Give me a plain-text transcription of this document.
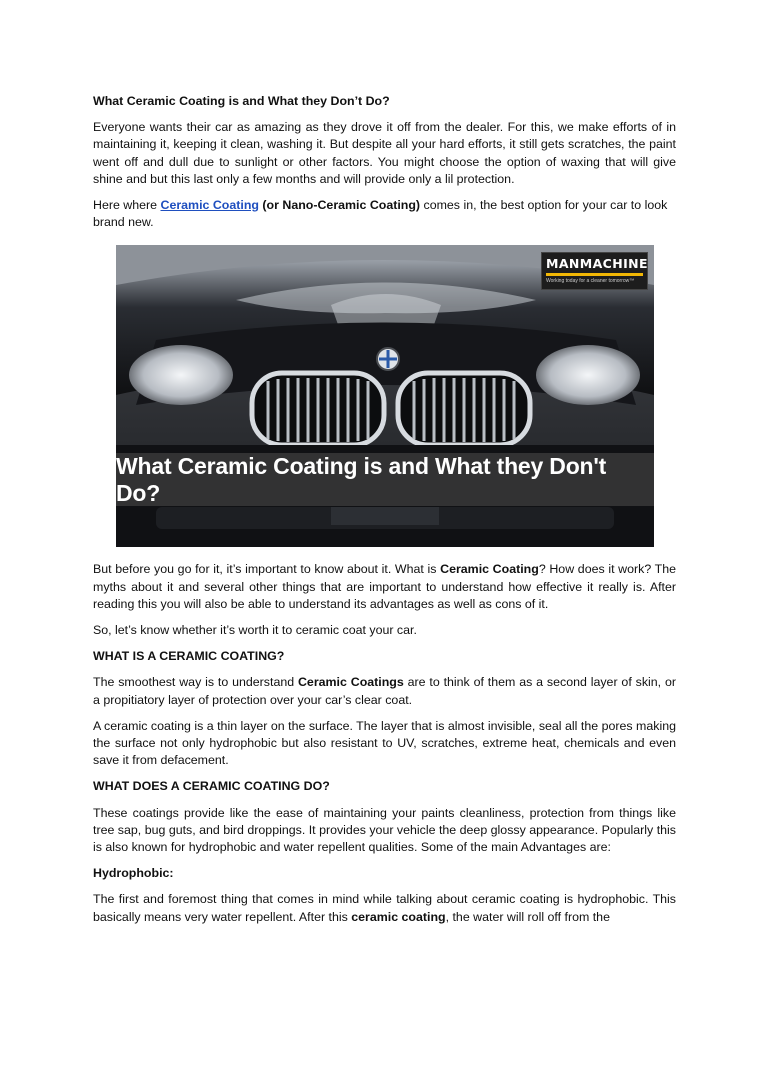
What Ceramic Coating is and What they Don’t Do?

Everyone wants their car as amazing as they drove it off from the dealer. For this, we make efforts of in maintaining it, keeping it clean, washing it. But despite all your hard efforts, it still gets scratches, the paint went off and dull due to sunlight or other factors. You might choose the option of waxing that will give shine and but this last only a few months and will provide only a lil protection.

Here where Ceramic Coating (or Nano-Ceramic Coating) comes in, the best option for your car to look brand new.

MANMACHINE
Working today for a cleaner tomorrow™
What Ceramic Coating is and What they Don't Do?

But before you go for it, it’s important to know about it. What is Ceramic Coating? How does it work? The myths about it and several other things that are important to understand how effective it really is. After reading this you will also be able to understand its advantages as well as cons of it.

So, let’s know whether it’s worth it to ceramic coat your car.

WHAT IS A CERAMIC COATING?

The smoothest way is to understand Ceramic Coatings are to think of them as a second layer of skin, or a propitiatory layer of protection over your car’s clear coat.

A ceramic coating is a thin layer on the surface. The layer that is almost invisible, seal all the pores making the surface not only hydrophobic but also resistant to UV, scratches, extreme heat, chemicals and even save it from defacement.

WHAT DOES A CERAMIC COATING DO?

These coatings provide like the ease of maintaining your paints cleanliness, protection from things like tree sap, bug guts, and bird droppings. It provides your vehicle the deep glossy appearance. Popularly this is also known for hydrophobic and water repellent qualities. Some of the main Advantages are:

Hydrophobic:

The first and foremost thing that comes in mind while talking about ceramic coating is hydrophobic. This basically means very water repellent. After this ceramic coating, the water will roll off from the
